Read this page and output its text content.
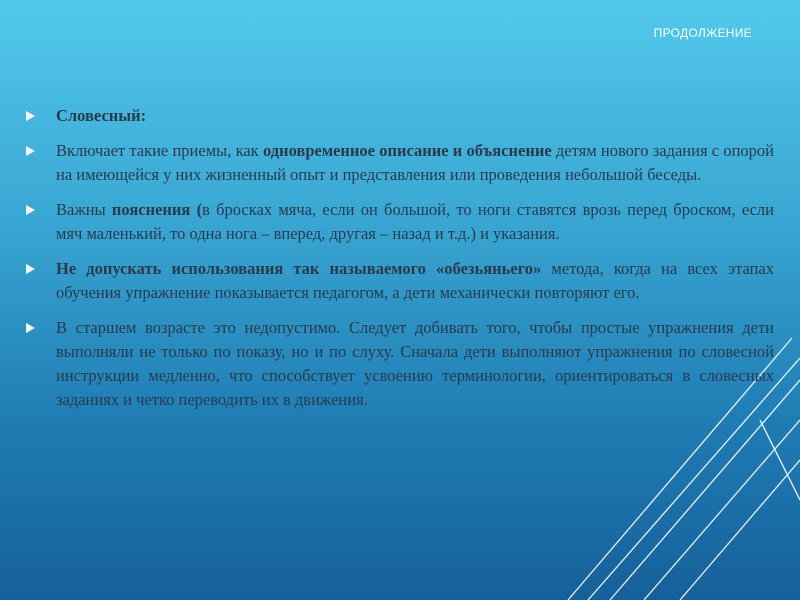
ПРОДОЛЖЕНИЕ
Словесный:
Включает такие приемы, как одновременное описание и объяснение детям нового задания с опорой на имеющейся у них жизненный опыт и представления или проведения небольшой беседы.
Важны пояснения (в бросках мяча, если он большой, то ноги ставятся врозь перед броском, если мяч маленький, то одна нога – вперед, другая – назад и т.д.) и указания.
Не допускать использования так называемого «обезьяньего» метода, когда на всех этапах обучения упражнение показывается педагогом, а дети механически повторяют его.
В старшем возрасте это недопустимо. Следует добивать того, чтобы простые упражнения дети выполняли не только по показу, но и по слуху. Сначала дети выполняют упражнения по словесной инструкции медленно, что способствует усвоению терминологии, ориентироваться в словесных заданиях и четко переводить их в движения.
